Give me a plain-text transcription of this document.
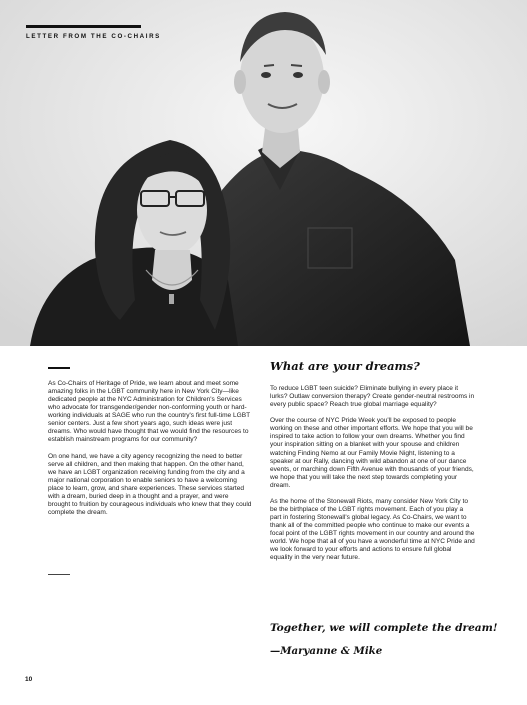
LETTER FROM THE CO-CHAIRS

As Co-Chairs of Heritage of Pride, we learn about and meet some amazing folks in the LGBT community here in New York City—like dedicated people at the NYC Administration for Children's Services who advocate for transgender/gender non-conforming youth or hard-working individuals at SAGE who run the country's first full-time LGBT senior centers. Just a few short years ago, such ideas were just dreams. Who would have thought that we would find the resources to establish mainstream programs for our community?

On one hand, we have a city agency recognizing the need to better serve all children, and then making that happen. On the other hand, we have an LGBT organization receiving funding from the city and a major national corporation to enable seniors to have a welcoming place to learn, grow, and share experiences. These services started with a dream, buried deep in a thought and a prayer, and were brought to fruition by courageous individuals who knew that they could complete the dream.

What are your dreams?

To reduce LGBT teen suicide? Eliminate bullying in every place it lurks? Outlaw conversion therapy? Create gender-neutral restrooms in every public space? Reach true global marriage equality?

Over the course of NYC Pride Week you'll be exposed to people working on these and other important efforts. We hope that you will be inspired to take action to follow your own dreams. Whether you find your inspiration sitting on a blanket with your spouse and children watching Finding Nemo at our Family Movie Night, listening to a speaker at our Rally, dancing with wild abandon at one of our dance events, or marching down Fifth Avenue with thousands of your friends, we hope that you will take the next step towards completing your dream.

As the home of the Stonewall Riots, many consider New York City to be the birthplace of the LGBT rights movement. Each of you play a part in fostering Stonewall's global legacy. As Co-Chairs, we want to thank all of the committed people who continue to make our events a focal point of the LGBT rights movement in our country and around the world. We hope that all of you have a wonderful time at NYC Pride and we look forward to your efforts and actions to ensure full global equality in the very near future.

Together, we will complete the dream!
—Maryanne & Mike
10
